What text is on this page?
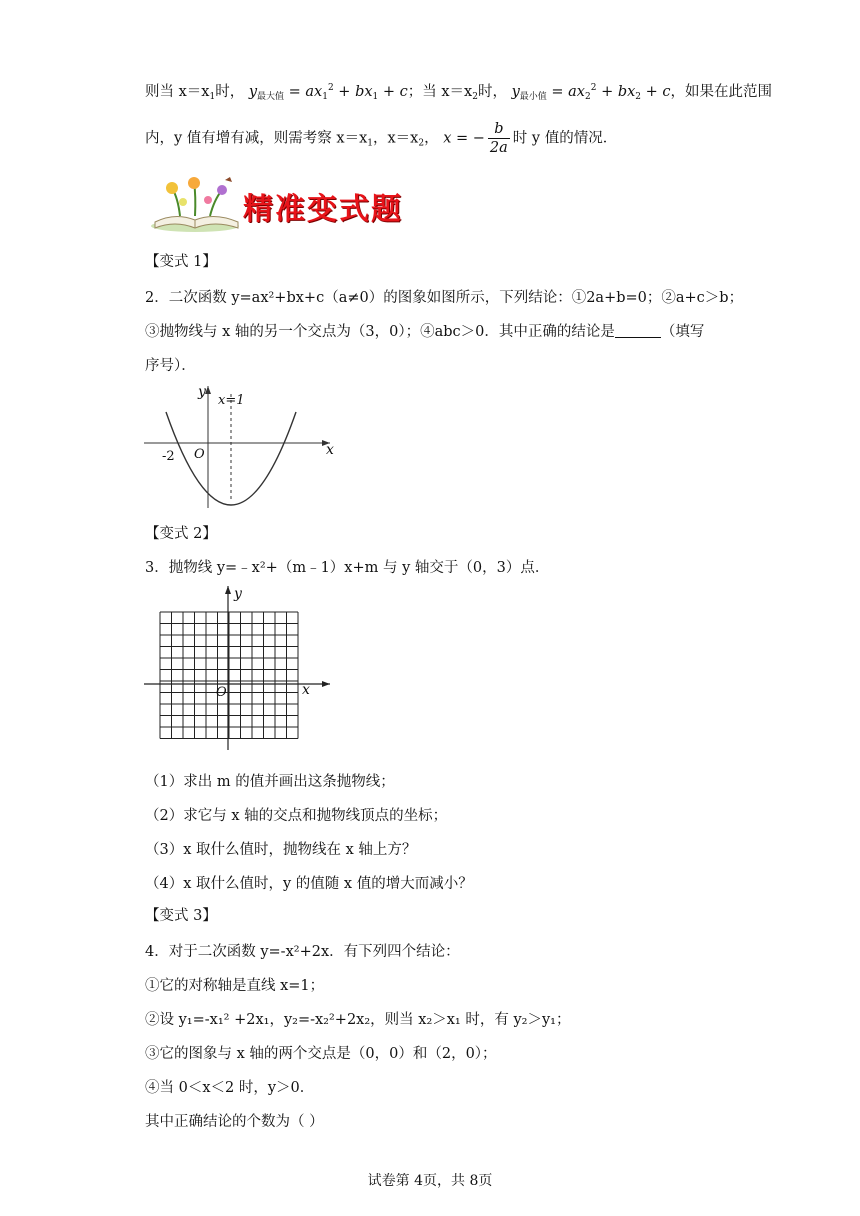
则当 $x=x_1$时， $y_{最大值} = ax_1^2 + bx_1 + c$；当 $x=x_2$时， $y_{最小值} = ax_2^2 + bx_2 + c$，如果在此范围
内，y 值有增有减，则需考察 $x=x_1$，$x=x_2$， x = − $\frac{b}{2a}$ 时 y 值的情况．
精准变式题
【变式 1】
2．二次函数 y=ax²+bx+c（a≠0）的图象如图所示，下列结论：①2a+b=0；②a+c＞b；
③抛物线与 x 轴的另一个交点为（3，0）；④abc＞0．其中正确的结论是	（填写
序号）．
y
x
x=1
O
-2
【变式 2】
3．抛物线 y=﹣x²+（m﹣1）x+m 与 y 轴交于（0，3）点．
y
x
O
（1）求出 m 的值并画出这条抛物线；
（2）求它与 x 轴的交点和抛物线顶点的坐标；
（3）x 取什么值时，抛物线在 x 轴上方？
（4）x 取什么值时，y 的值随 x 值的增大而减小？
【变式 3】
4．对于二次函数 y=-x²+2x．有下列四个结论：
①它的对称轴是直线 x=1；
②设 y₁=-x₁² +2x₁，y₂=-x₂²+2x₂，则当 x₂＞x₁ 时，有 y₂＞y₁；
③它的图象与 x 轴的两个交点是（0，0）和（2，0）；
④当 0＜x＜2 时，y＞0．
其中正确结论的个数为（ ）
试卷第 4页，共 8页
